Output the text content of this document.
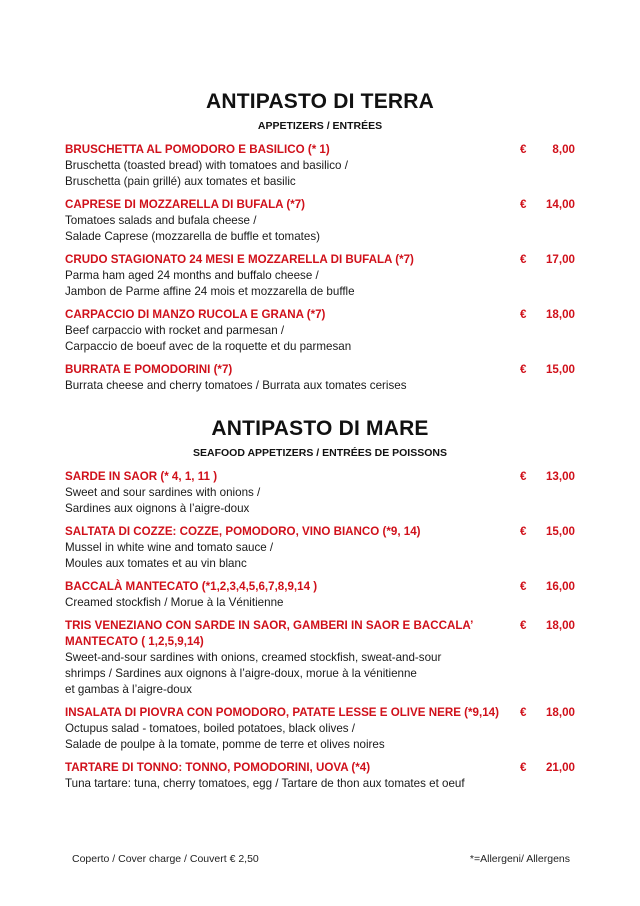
ANTIPASTO DI TERRA
APPETIZERS / ENTRÉES
BRUSCHETTA AL POMODORO E BASILICO (* 1)
Bruschetta (toasted bread) with tomatoes and basilico /
Bruschetta (pain grillé) aux tomates et basilic
€ 8,00
CAPRESE DI MOZZARELLA DI BUFALA (*7)
Tomatoes salads and bufala cheese /
Salade Caprese (mozzarella de buffle et tomates)
€ 14,00
CRUDO STAGIONATO 24 MESI E MOZZARELLA DI BUFALA (*7)
Parma ham aged 24 months and buffalo cheese /
Jambon de Parme affine 24 mois et mozzarella de buffle
€ 17,00
CARPACCIO DI MANZO RUCOLA E GRANA (*7)
Beef carpaccio with rocket and parmesan /
Carpaccio de boeuf avec de la roquette et du parmesan
€ 18,00
BURRATA E POMODORINI (*7)
Burrata cheese and cherry tomatoes / Burrata aux tomates cerises
€ 15,00
ANTIPASTO DI MARE
SEAFOOD APPETIZERS / ENTRÉES DE POISSONS
SARDE IN SAOR (* 4, 1, 11 )
Sweet and sour sardines with onions /
Sardines aux oignons à l’aigre-doux
€ 13,00
SALTATA DI COZZE: COZZE, POMODORO, VINO BIANCO (*9, 14)
Mussel in white wine and tomato sauce /
Moules aux tomates et au vin blanc
€ 15,00
BACCALÀ MANTECATO (*1,2,3,4,5,6,7,8,9,14 )
Creamed stockfish / Morue à la Vénitienne
€ 16,00
TRIS VENEZIANO CON SARDE IN SAOR, GAMBERI IN SAOR E BACCALA’
MANTECATO ( 1,2,5,9,14)
Sweet-and-sour sardines with onions, creamed stockfish, sweat-and-sour
shrimps / Sardines aux oignons à l’aigre-doux, morue à la vénitienne
et gambas à l’aigre-doux
€ 18,00
INSALATA DI PIOVRA CON POMODORO, PATATE LESSE E OLIVE NERE (*9,14)
Octupus salad - tomatoes, boiled potatoes, black olives /
Salade de poulpe à la tomate, pomme de terre et olives noires
€ 18,00
TARTARE DI TONNO: TONNO, POMODORINI, UOVA (*4)
Tuna tartare: tuna, cherry tomatoes, egg / Tartare de thon aux tomates et oeuf
€ 21,00
Coperto / Cover charge / Couvert € 2,50	*=Allergeni/ Allergens
